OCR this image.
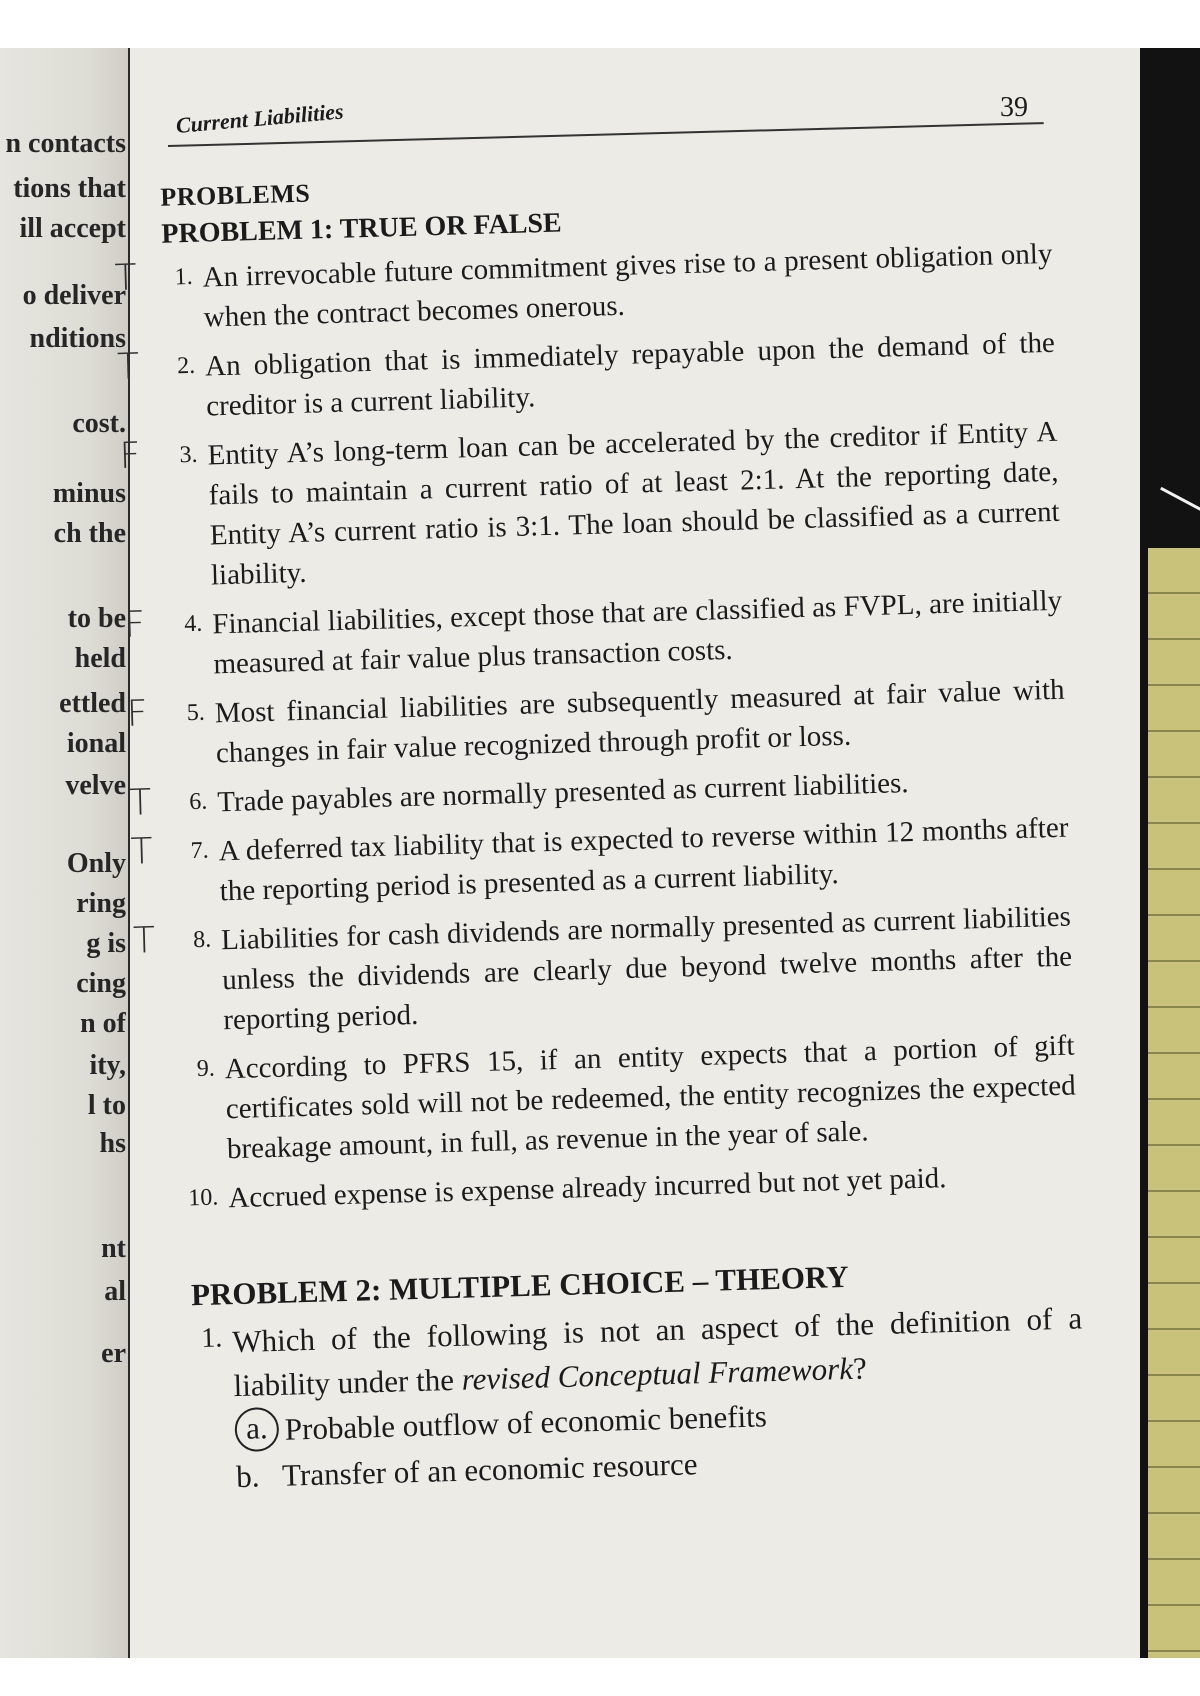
n contacts
tions that
ill accept
o deliver
nditions
cost.
minus
ch the
to be
held
ettled
ional
velve
Only
ring
g is
cing
n of
ity,
l to
hs
nt
al
er
Current Liabilities	39
PROBLEMS
PROBLEM 1: TRUE OR FALSE
T	1. An irrevocable future commitment gives rise to a present obligation only when the contract becomes onerous.
T	2. An obligation that is immediately repayable upon the demand of the creditor is a current liability.
F	3. Entity A’s long-term loan can be accelerated by the creditor if Entity A fails to maintain a current ratio of at least 2:1. At the reporting date, Entity A’s current ratio is 3:1. The loan should be classified as a current liability.
F	4. Financial liabilities, except those that are classified as FVPL, are initially measured at fair value plus transaction costs.
F	5. Most financial liabilities are subsequently measured at fair value with changes in fair value recognized through profit or loss.
T	6. Trade payables are normally presented as current liabilities.
T	7. A deferred tax liability that is expected to reverse within 12 months after the reporting period is presented as a current liability.
T	8. Liabilities for cash dividends are normally presented as current liabilities unless the dividends are clearly due beyond twelve months after the reporting period.
9. According to PFRS 15, if an entity expects that a portion of gift certificates sold will not be redeemed, the entity recognizes the expected breakage amount, in full, as revenue in the year of sale.
10. Accrued expense is expense already incurred but not yet paid.
PROBLEM 2: MULTIPLE CHOICE – THEORY
1. Which of the following is not an aspect of the definition of a liability under the revised Conceptual Framework?
a. Probable outflow of economic benefits
b. Transfer of an economic resource
